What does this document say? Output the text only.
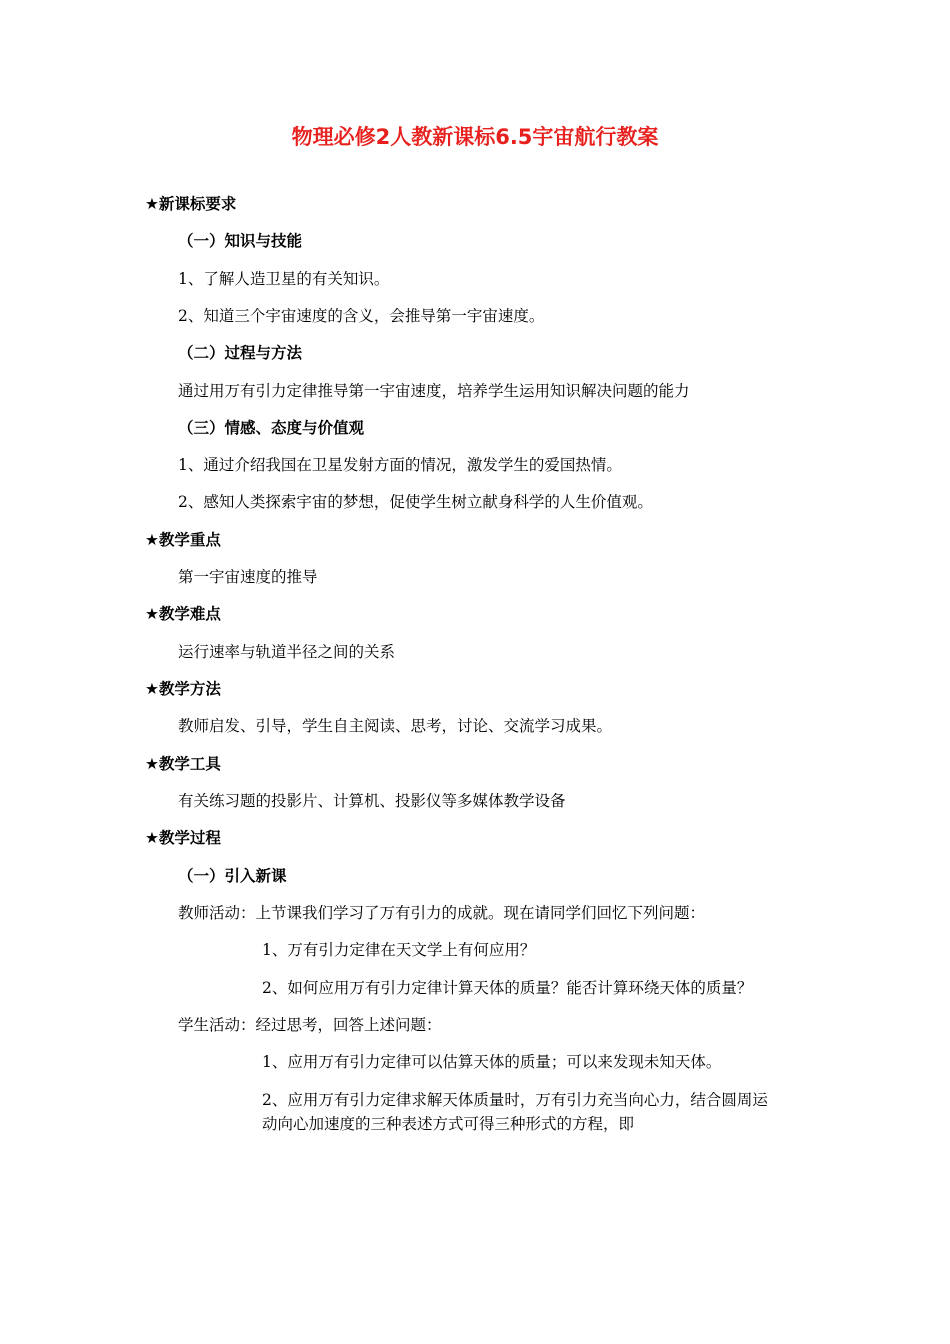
物理必修2人教新课标6.5宇宙航行教案
★新课标要求
（一）知识与技能
1、了解人造卫星的有关知识。
2、知道三个宇宙速度的含义，会推导第一宇宙速度。
（二）过程与方法
通过用万有引力定律推导第一宇宙速度，培养学生运用知识解决问题的能力
（三）情感、态度与价值观
1、通过介绍我国在卫星发射方面的情况，激发学生的爱国热情。
2、感知人类探索宇宙的梦想，促使学生树立献身科学的人生价值观。
★教学重点
第一宇宙速度的推导
★教学难点
运行速率与轨道半径之间的关系
★教学方法
教师启发、引导，学生自主阅读、思考，讨论、交流学习成果。
★教学工具
有关练习题的投影片、计算机、投影仪等多媒体教学设备
★教学过程
（一）引入新课
教师活动：上节课我们学习了万有引力的成就。现在请同学们回忆下列问题：
1、万有引力定律在天文学上有何应用？
2、如何应用万有引力定律计算天体的质量？能否计算环绕天体的质量？
学生活动：经过思考，回答上述问题：
1、应用万有引力定律可以估算天体的质量；可以来发现未知天体。
2、应用万有引力定律求解天体质量时，万有引力充当向心力，结合圆周运
动向心加速度的三种表述方式可得三种形式的方程，即
